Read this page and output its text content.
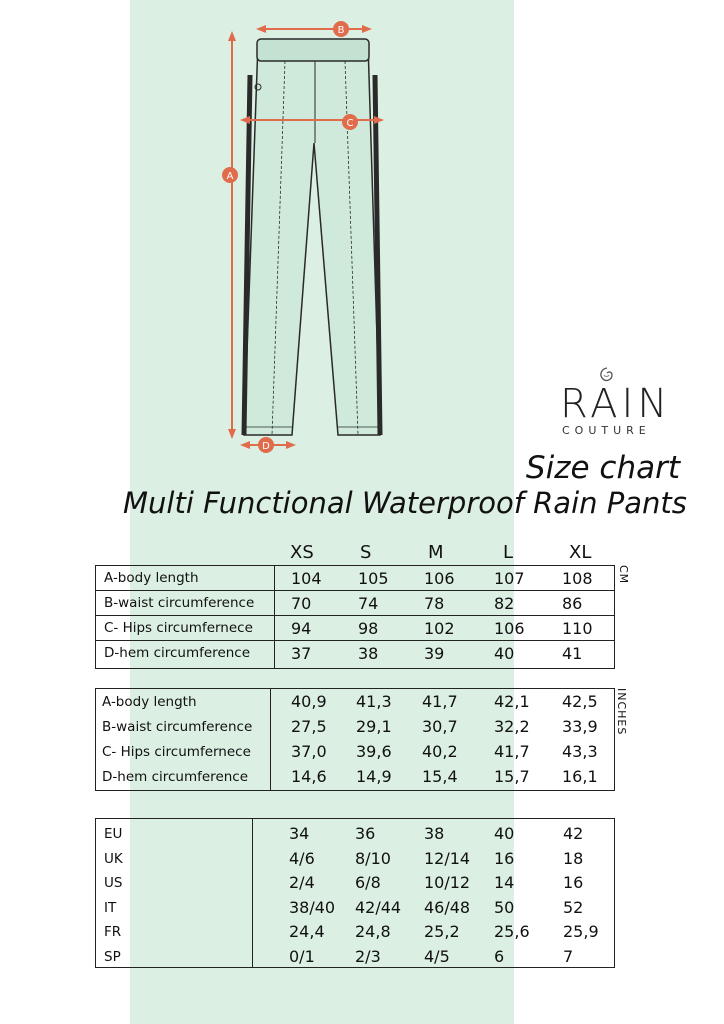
A
B
C
D
RAIN
COUTURE
Size chart
Multi Functional Waterproof Rain Pants
XS	S	M	L	XL
A-body length	104 105 106 107 108
B-waist circumference 70	74	78	82	86
C- Hips circumfernece 94	98	102 106 110
D-hem circumference	37	38	39	40	41
CM
A-body length	40,9 41,3 41,7 42,1 42,5
B-waist circumference 27,5 29,1 30,7 32,2 33,9
C- Hips circumfernece	37,0 39,6 40,2 41,7 43,3
D-hem circumference	14,6 14,9 15,4 15,7 16,1
INCHES
EU	34	36	38	40	42
UK	4/6	8/10 12/14 16	18
US	2/4	6/8	10/12 14	16
IT	38/40 42/44 46/48 50	52
FR	24,4 24,8 25,2 25,6 25,9
SP	0/1	2/3	4/5	6	7
